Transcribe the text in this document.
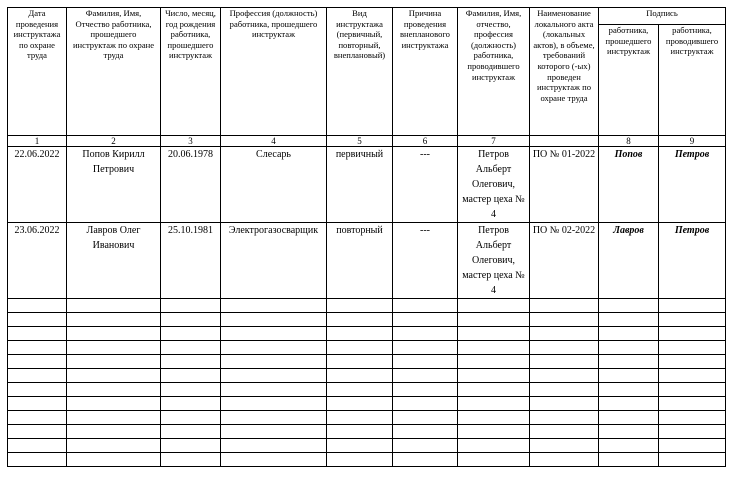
Дата проведения инструктажа по охране труда	Фамилия, Имя, Отчество работника, прошедшего инструктаж по охране труда	Число, месяц, год рождения работника, прошедшего инструктаж	Профессия (должность) работника, прошедшего инструктаж	Вид инструктажа (первичный, повторный, внеплановый)	Причина проведения внепланового инструктажа	Фамилия, Имя, отчество, профессия (должность) работника, проводившего инструктаж	Наименование локального акта (локальных актов), в объеме, требований которого (-ых) проведен инструктаж по охране труда	Подпись	
								работника, прошедшего инструктаж	работника, проводившего инструктаж
1	2	3	4	5	6	7		8	9
22.06.2022	Попов Кирилл Петрович	20.06.1978	Слесарь	первичный	---	Петров Альберт Олегович, мастер цеха № 4	ПО № 01-2022	Попов	Петров
23.06.2022	Лавров Олег Иванович	25.10.1981	Электрогазосварщик	повторный	---	Петров Альберт Олегович, мастер цеха № 4	ПО № 02-2022	Лавров	Петров
